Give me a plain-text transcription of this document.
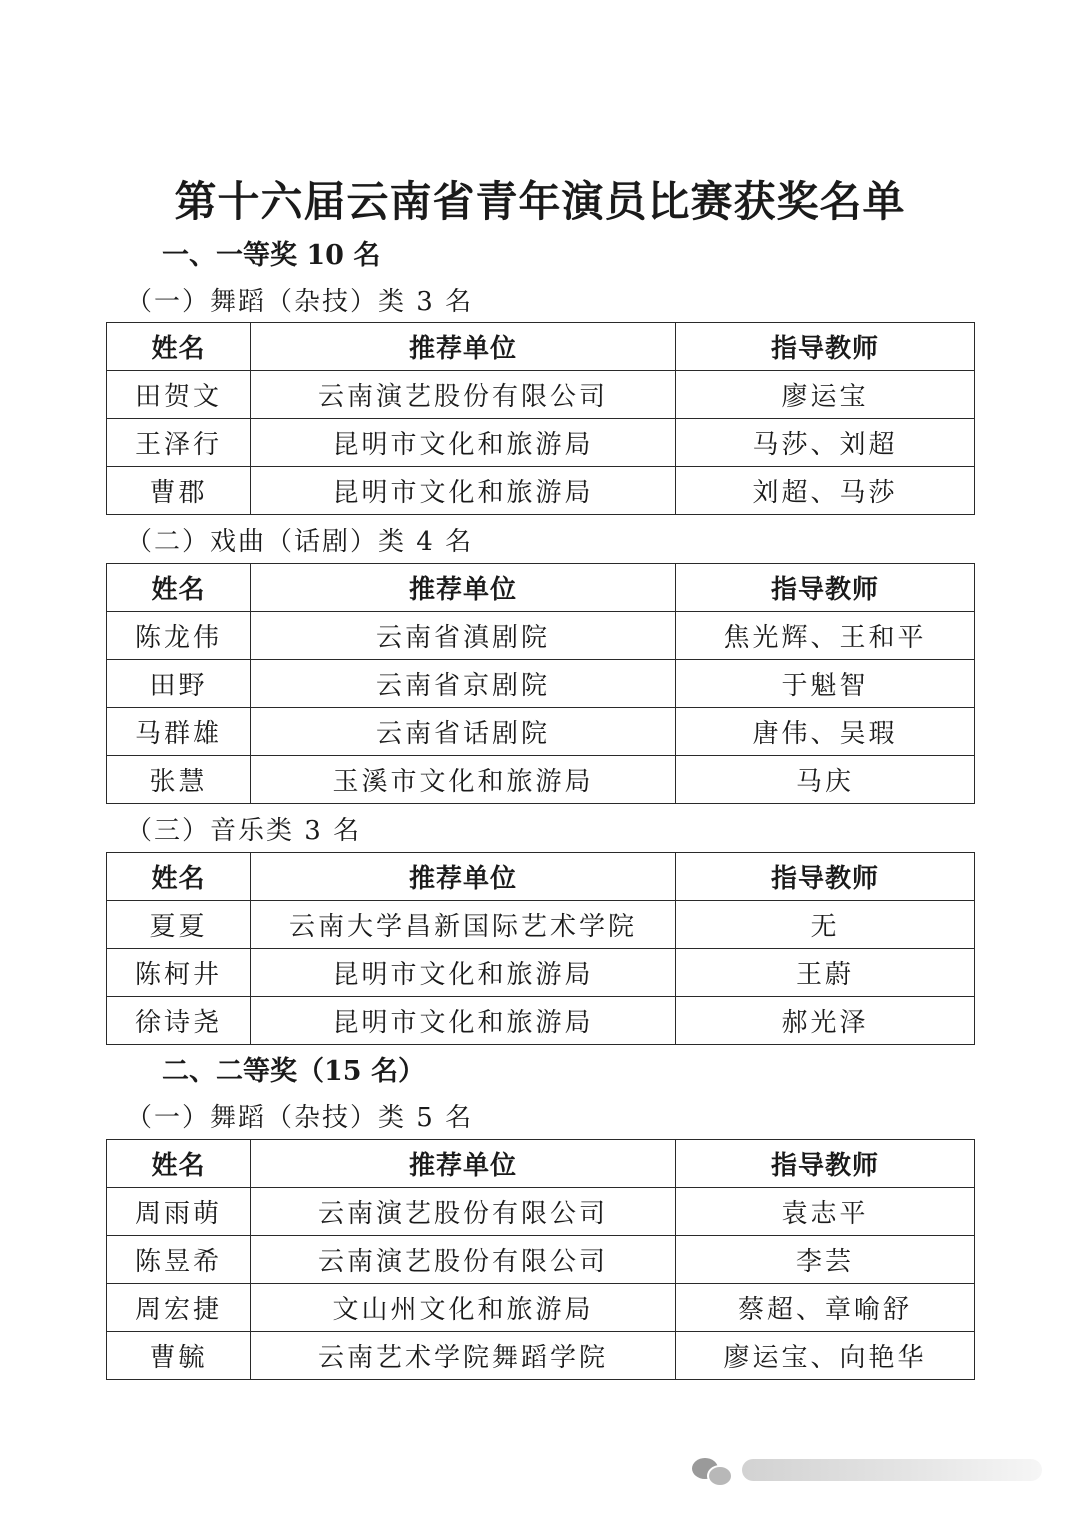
第十六届云南省青年演员比赛获奖名单
一、一等奖 10 名
（一）舞蹈（杂技）类 3 名
姓名	推荐单位	指导教师
田贺文	云南演艺股份有限公司	廖运宝
王泽行	昆明市文化和旅游局	马莎、刘超
曹郡	昆明市文化和旅游局	刘超、马莎
（二）戏曲（话剧）类 4 名
姓名	推荐单位	指导教师
陈龙伟	云南省滇剧院	焦光辉、王和平
田野	云南省京剧院	于魁智
马群雄	云南省话剧院	唐伟、吴瑕
张慧	玉溪市文化和旅游局	马庆
（三）音乐类 3 名
姓名	推荐单位	指导教师
夏夏	云南大学昌新国际艺术学院	无
陈柯井	昆明市文化和旅游局	王蔚
徐诗尧	昆明市文化和旅游局	郝光泽
二、二等奖（15 名）
（一）舞蹈（杂技）类 5 名
姓名	推荐单位	指导教师
周雨萌	云南演艺股份有限公司	袁志平
陈昱希	云南演艺股份有限公司	李芸
周宏捷	文山州文化和旅游局	蔡超、章喻舒
曹毓	云南艺术学院舞蹈学院	廖运宝、向艳华
